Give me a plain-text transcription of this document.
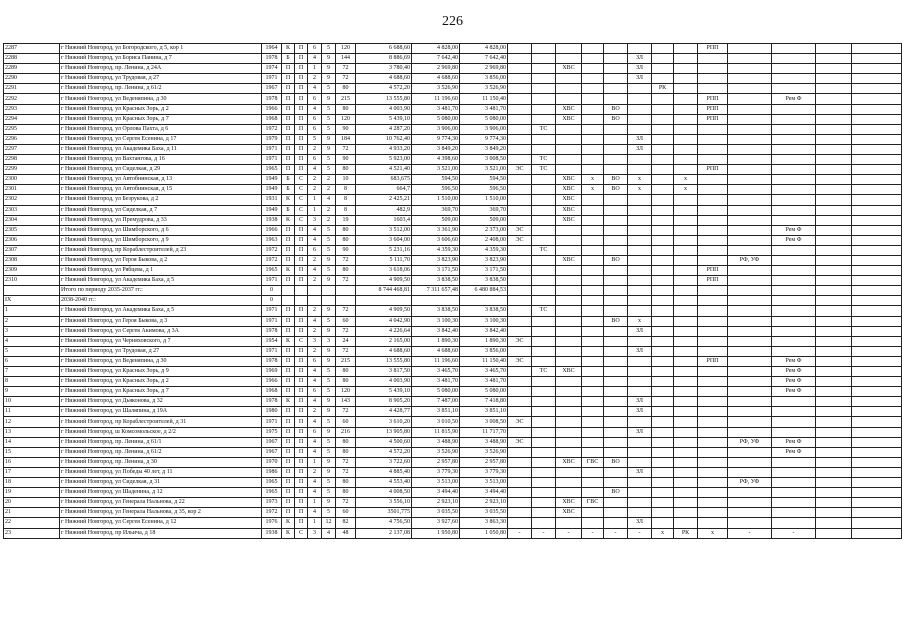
226
2287	г Нижний Новгород, ул Богородского, д 5, кор 1	1964	К	П	6	5	120	6 688,60	4 828,00	4 828,00									РПП				
2288	г Нижний Новгород, ул Бориса Панина, д 7	1978	Б	П	4	9	144	8 886,69	7 642,40	7 642,40						ЗЛ							
2289	г Нижний Новгород, пр. Ленина, д 24А	1974	П	П	1	9	72	3 780,40	2 969,80	2 969,80			ХВС			ЗЛ							
2290	г Нижний Новгород, ул Трудовая, д 27	1971	П	П	2	9	72	4 688,60	4 688,60	3 856,00						ЗЛ							
2291	г Нижний Новгород, пр. Ленина, д 61/2	1967	П	П	4	5	80	4 572,20	3 526,90	3 526,90							РК						
2292	г Нижний Новгород, ул Веденяпина, д 30	1978	П	П	6	9	215	13 555,80	11 196,60	11 150,40									РПП		Рем Ф		
2293	г Нижний Новгород, ул Красных Зорь, д 2	1966	П	П	4	5	80	4 003,90	3 481,70	3 481,70			ХВС		ВО				РПП				
2294	г Нижний Новгород, ул Красных Зорь, д 7	1968	П	П	6	5	120	5 439,10	5 080,00	5 080,00			ХВС		ВО				РПП				
2295	г Нижний Новгород, ул Орлова Пахта, д 6	1972	П	П	6	5	90	4 287,20	3 906,00	3 906,00		ТС											
2296	г Нижний Новгород, ул Сергея Есенина, д 17	1979	П	П	5	9	184	10 762,40	9 774,30	9 774,30						ЗЛ							
2297	г Нижний Новгород, ул Академика Баха, д 11	1971	П	П	2	9	72	4 933,20	3 849,20	3 849,20						ЗЛ							
2298	г Нижний Новгород, ул Вахтангова, д 16	1971	П	П	6	5	90	5 923,00	4 398,60	3 008,50		ТС											
2299	г Нижний Новгород, ул Сиделкая, д 29	1965	П	П	4	5	80	4 521,40	3 521,00	3 521,00	ЭС	ТС							РПП				
2300	г Нижний Новгород, ул Автобнинская, д 13	1949	Б	С	2	2	10	683,675	594,50	594,50			ХВС	х	ВО	х		х					
2301	г Нижний Новгород, ул Автобнинская, д 15	1949	Б	С	2	2	8	664,7	596,50	596,50			ХВС	х	ВО	х		х					
2302	г Нижний Новгород, ул Безрукова, д 2	1931	К	С	1	4	8	2 425,21	1 510,00	1 510,00			ХВС										
2303	г Нижний Новгород, ул Сиделкая, д 7	1949	Б	С	1	2	8	482,9	369,70	369,70			ХВС										
2304	г Нижний Новгород, ул Премудрова, д 33	1938	К	С	3	2	19	1603,4	509,00	509,00			ХВС										
2305	г Нижний Новгород, ул Шимборского, д 6	1966	П	П	4	5	80	3 512,00	3 361,90	2 373,00	ЭС										Рем Ф		
2306	г Нижний Новгород, ул Шимборского, д 9	1963	П	П	4	5	80	3 604,00	3 606,60	2 408,00	ЭС										Рем Ф		
2307	г Нижний Новгород, пр Кораблестроителей, д 23	1972	П	П	6	5	90	5 231,16	4 359,30	4 359,30		ТС											
2308	г Нижний Новгород, ул Героя Быкова, д 2	1972	П	П	2	9	72	5 111,70	3 823,90	3 823,90			ХВС		ВО					РФ, УФ			
2309	г Нижний Новгород, ул Рябцева, д 1	1965	К	П	4	5	80	3 618,06	3 171,50	3 171,50									РПП				
2310	г Нижний Новгород, ул Академика Баха, д 5	1971	П	П	2	9	72	4 909,50	3 838,50	3 838,50									РПП				
	Итого по периоду 2035-2037 гг.:	0						8 744 468,81	7 311 657,48	6 480 884,53													
IX	2038-2040 гг.:	0																					
1	г Нижний Новгород, ул Академика Баха, д 5	1971	П	П	2	9	72	4 909,50	3 838,50	3 838,50		ТС											
2	г Нижний Новгород, ул Героя Быкова, д 3	1971	П	П	4	5	60	4 042,90	3 100,30	3 100,30					ВО	х							
3	г Нижний Новгород, ул Сергея Акимова, д 3А	1978	П	П	2	9	72	4 226,64	3 842,40	3 842,40						ЗЛ							
4	г Нижний Новгород, ул Черняховского, д 7	1954	К	С	3	3	24	2 165,00	1 890,30	1 890,30	ЭС												
5	г Нижний Новгород, ул Трудовая, д 27	1971	П	П	2	9	72	4 688,60	4 688,60	3 856,00						ЗЛ							
6	г Нижний Новгород, ул Веденяпина, д 30	1978	П	П	6	9	215	13 555,80	11 196,60	11 150,40	ЭС								РПП		Рем Ф		
7	г Нижний Новгород, ул Красных Зорь, д 9	1969	П	П	4	5	80	3 817,50	3 465,70	3 465,70		ТС	ХВС								Рем Ф		
8	г Нижний Новгород, ул Красных Зорь, д 2	1966	П	П	4	5	80	4 003,90	3 481,70	3 481,70											Рем Ф		
9	г Нижний Новгород, ул Красных Зорь, д 7	1968	П	П	6	5	120	5 439,10	5 080,00	5 080,00											Рем Ф		
10	г Нижний Новгород, ул Дьяконова, д 32	1978	К	П	4	9	143	8 905,20	7 487,00	7 418,80						ЗЛ							
11	г Нижний Новгород, ул Шаляпина, д 19А	1980	П	П	2	9	72	4 428,77	3 851,10	3 851,10						ЗЛ							
12	г Нижний Новгород, пр Кораблестроителей, д 31	1971	П	П	4	5	60	3 610,20	3 010,50	3 008,50	ЭС												
13	г Нижний Новгород, ш Комсомольское, д 2/2	1975	П	П	6	9	216	13 905,80	11 815,90	11 717,70						ЗЛ							
14	г Нижний Новгород, пр. Ленина, д 61/1	1967	П	П	4	5	80	4 500,60	3 488,90	3 488,90	ЭС									РФ, УФ	Рем Ф		
15	г Нижний Новгород, пр. Ленина, д 61/2	1967	П	П	4	5	80	4 572,20	3 526,90	3 526,90											Рем Ф		
16	г Нижний Новгород, пр. Ленина, д 30	1970	П	П	1	9	72	3 722,60	2 957,80	2 957,80			ХВС	ГВС	ВО								
17	г Нижний Новгород, ул Победы 40 лет, д 11	1986	П	П	2	9	72	4 885,40	3 779,30	3 779,30						ЗЛ							
18	г Нижний Новгород, ул Сиделкая, д 31	1965	П	П	4	5	80	4 553,40	3 513,00	3 513,00										РФ, УФ			
19	г Нижний Новгород, ул Шаденина, д 12	1965	П	П	4	5	80	4 008,50	3 494,40	3 494,40					ВО								
20	г Нижний Новгород, ул Генерала Нальнова, д 22	1973	П	П	1	9	72	3 556,10	2 923,10	2 923,10			ХВС	ГВС									
21	г Нижний Новгород, ул Генерала Нальнова, д 35, кор 2	1972	П	П	4	5	60	3501,775	3 035,50	3 035,50			ХВС										
22	г Нижний Новгород, ул Сергея Есенина, д 12	1976	К	П	1	12	82	4 756,50	3 927,60	3 863,30						ЗЛ							
23	г Нижний Новгород, пр Ильича, д 18	1938	К	С	3	4	48	2 137,08	1 950,80	1 050,80	-	-	-	-	-	-	х	РК	х	-	-		
